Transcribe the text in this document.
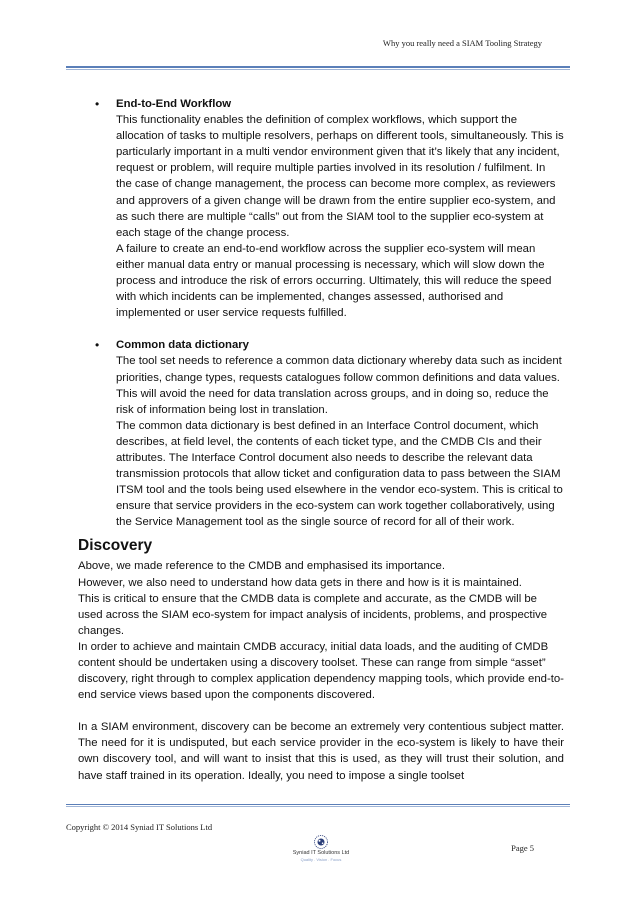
Why you really need a SIAM Tooling Strategy
• End-to-End Workflow

This functionality enables the definition of complex workflows, which support the allocation of tasks to multiple resolvers, perhaps on different tools, simultaneously. This is particularly important in a multi vendor environment given that it’s likely that any incident, request or problem, will require multiple parties involved in its resolution / fulfilment. In the case of change management, the process can become more complex, as reviewers and approvers of a given change will be drawn from the entire supplier eco-system, and as such there are multiple “calls” out from the SIAM tool to the supplier eco-system at each stage of the change process.

A failure to create an end-to-end workflow across the supplier eco-system will mean either manual data entry or manual processing is necessary, which will slow down the process and introduce the risk of errors occurring. Ultimately, this will reduce the speed with which incidents can be implemented, changes assessed, authorised and implemented or user service requests fulfilled.

• Common data dictionary

The tool set needs to reference a common data dictionary whereby data such as incident priorities, change types, requests catalogues follow common definitions and data values. This will avoid the need for data translation across groups, and in doing so, reduce the risk of information being lost in translation.

The common data dictionary is best defined in an Interface Control document, which describes, at field level, the contents of each ticket type, and the CMDB CIs and their attributes. The Interface Control document also needs to describe the relevant data transmission protocols that allow ticket and configuration data to pass between the SIAM ITSM tool and the tools being used elsewhere in the vendor eco-system. This is critical to ensure that service providers in the eco-system can work together collaboratively, using the Service Management tool as the single source of record for all of their work.

Discovery

Above, we made reference to the CMDB and emphasised its importance.

However, we also need to understand how data gets in there and how is it is maintained.

This is critical to ensure that the CMDB data is complete and accurate, as the CMDB will be used across the SIAM eco-system for impact analysis of incidents, problems, and prospective changes.

In order to achieve and maintain CMDB accuracy, initial data loads, and the auditing of CMDB content should be undertaken using a discovery toolset. These can range from simple “asset” discovery, right through to complex application dependency mapping tools, which provide end-to-end service views based upon the components discovered.

In a SIAM environment, discovery can be become an extremely very contentious subject matter. The need for it is undisputed, but each service provider in the eco-system is likely to have their own discovery tool, and will want to insist that this is used, as they will trust their solution, and have staff trained in its operation. Ideally, you need to impose a single toolset

Copyright © 2014 Syniad IT Solutions Ltd
Syniad IT Solutions Ltd
Quality . Vision . Focus
Page 5
